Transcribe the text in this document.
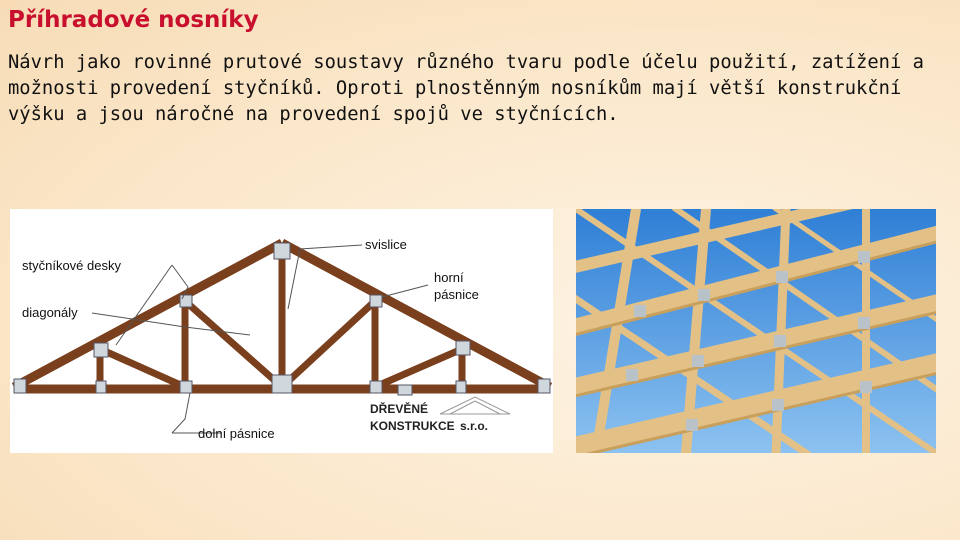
Příhradové nosníky

Návrh jako rovinné prutové soustavy různého tvaru podle účelu použití, zatížení a možnosti provedení styčníků. Oproti plnostěnným nosníkům mají větší konstrukční výšku a jsou náročné na provedení spojů ve styčnících.

styčníkové desky
diagonály
svislice
horní
pásnice
dolní pásnice
DŘEVĚNÉ
KONSTRUKCE s.r.o.
